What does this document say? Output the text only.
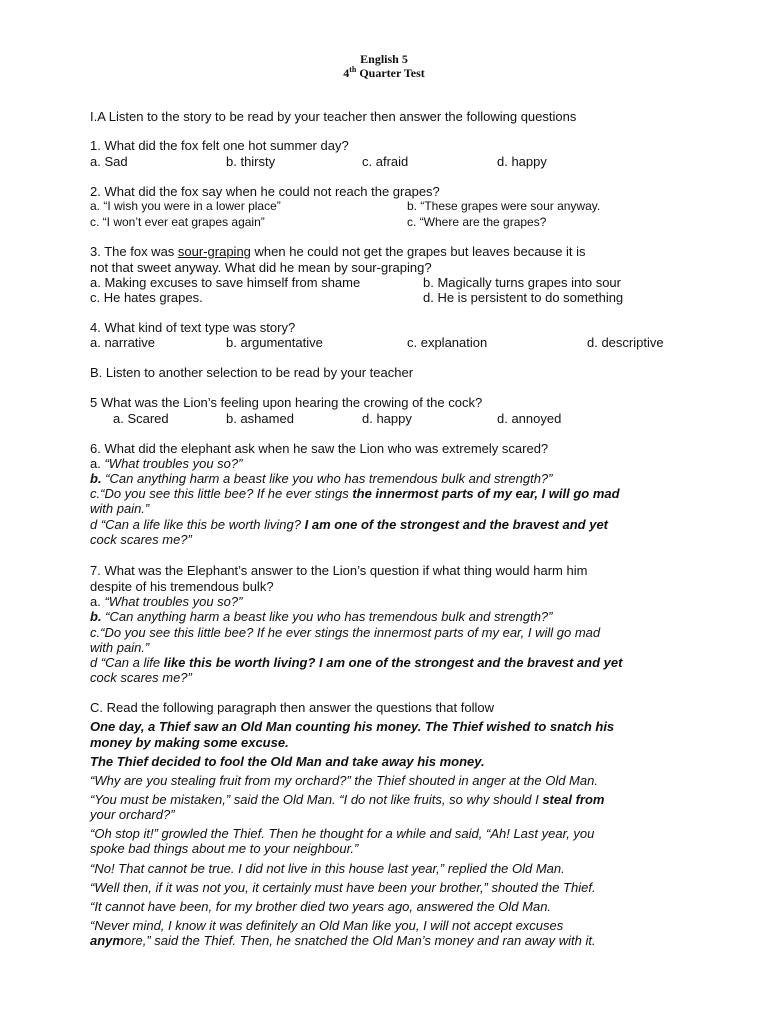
English 5
4th Quarter Test
I.A Listen to the story to be read by your teacher then answer the following questions
1. What did the fox felt one hot summer day?
a. Sad	b. thirsty	c. afraid	d. happy
2. What did the fox say when he could not reach the grapes?
a. “I wish you were in a lower place”	b. “These grapes were sour anyway.
c. “I won’t ever eat grapes again”	c. “Where are the grapes?
3. The fox was sour-graping when he could not get the grapes but leaves because it is
not that sweet anyway. What did he mean by sour-graping?
a. Making excuses to save himself from shame	b. Magically turns grapes into sour
c. He hates grapes.	d. He is persistent to do something
4. What kind of text type was story?
a. narrative	b. argumentative	c. explanation	d. descriptive
B. Listen to another selection to be read by your teacher
5 What was the Lion’s feeling upon hearing the crowing of the cock?
a. Scared	b. ashamed	d. happy	d. annoyed
6. What did the elephant ask when he saw the Lion who was extremely scared?
a. “What troubles you so?”
b. “Can anything harm a beast like you who has tremendous bulk and strength?”
c.“Do you see this little bee? If he ever stings the innermost parts of my ear, I will go mad
with pain.”
d “Can a life like this be worth living? I am one of the strongest and the bravest and yet
cock scares me?”
7. What was the Elephant’s answer to the Lion’s question if what thing would harm him
despite of his tremendous bulk?
a. “What troubles you so?”
b. “Can anything harm a beast like you who has tremendous bulk and strength?”
c.“Do you see this little bee? If he ever stings the innermost parts of my ear, I will go mad
with pain.”
d “Can a life like this be worth living? I am one of the strongest and the bravest and yet
cock scares me?”
C. Read the following paragraph then answer the questions that follow
One day, a Thief saw an Old Man counting his money. The Thief wished to snatch his
money by making some excuse.
The Thief decided to fool the Old Man and take away his money.
“Why are you stealing fruit from my orchard?” the Thief shouted in anger at the Old Man.
“You must be mistaken,” said the Old Man. “I do not like fruits, so why should I steal from
your orchard?”
“Oh stop it!” growled the Thief. Then he thought for a while and said, “Ah! Last year, you
spoke bad things about me to your neighbour.”
“No! That cannot be true. I did not live in this house last year,” replied the Old Man.
“Well then, if it was not you, it certainly must have been your brother,” shouted the Thief.
“It cannot have been, for my brother died two years ago, answered the Old Man.
“Never mind, I know it was definitely an Old Man like you, I will not accept excuses
anymore,” said the Thief. Then, he snatched the Old Man’s money and ran away with it.
